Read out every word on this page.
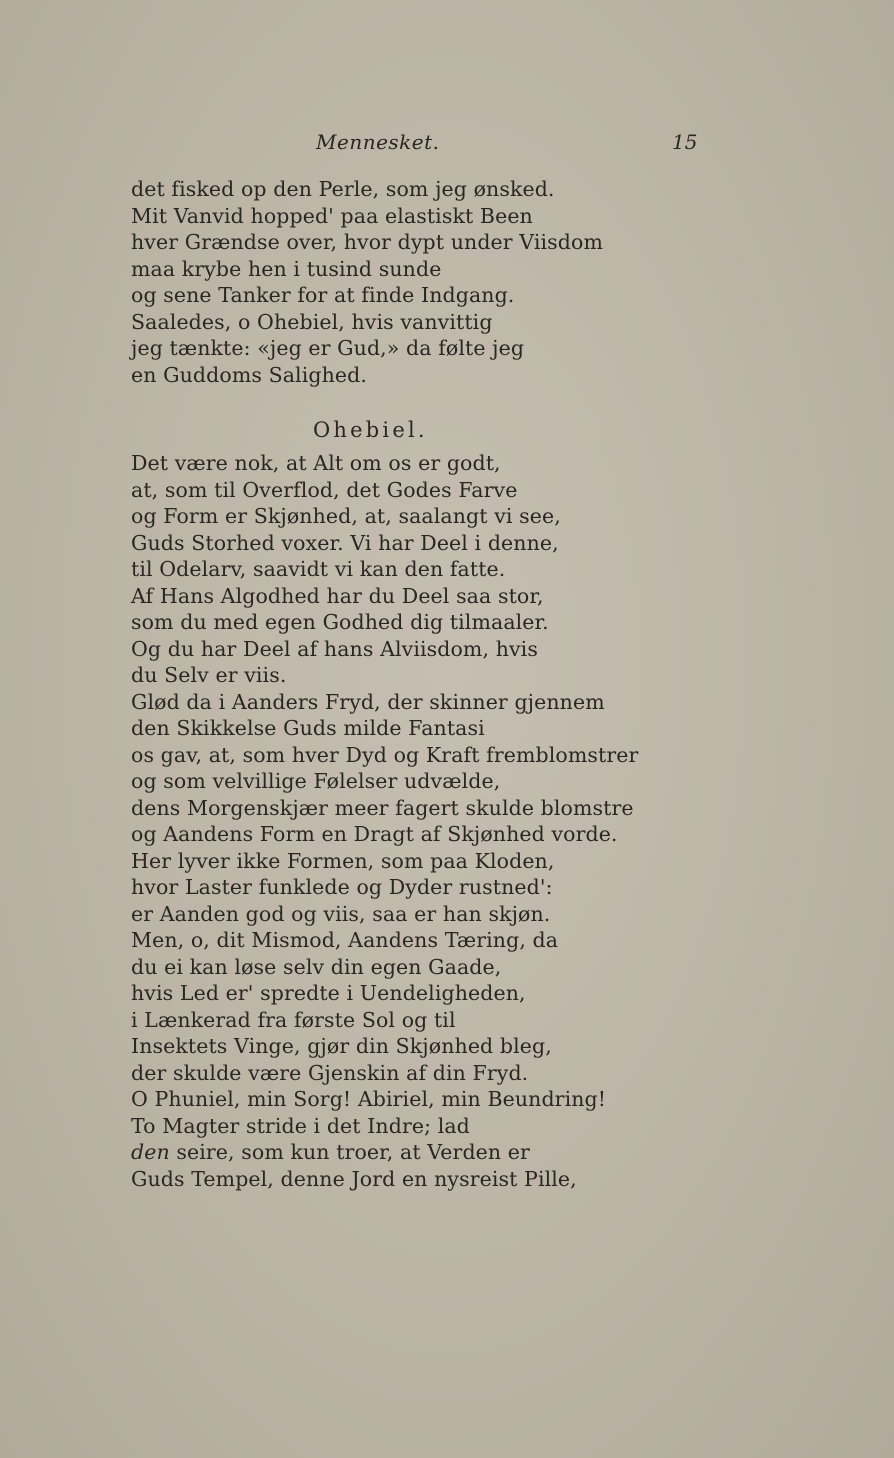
Mennesket.	15
det fisked op den Perle, som jeg ønsked.
Mit Vanvid hopped' paa elastiskt Been
hver Grændse over, hvor dypt under Viisdom
maa krybe hen i tusind sunde
og sene Tanker for at finde Indgang.
Saaledes, o Ohebiel, hvis vanvittig
jeg tænkte: «jeg er Gud,» da følte jeg
en Guddoms Salighed.
Ohebiel.
Det være nok, at Alt om os er godt,
at, som til Overflod, det Godes Farve
og Form er Skjønhed, at, saalangt vi see,
Guds Storhed voxer. Vi har Deel i denne,
til Odelarv, saavidt vi kan den fatte.
Af Hans Algodhed har du Deel saa stor,
som du med egen Godhed dig tilmaaler.
Og du har Deel af hans Alviisdom, hvis
du Selv er viis.
Glød da i Aanders Fryd, der skinner gjennem
den Skikkelse Guds milde Fantasi
os gav, at, som hver Dyd og Kraft fremblomstrer
og som velvillige Følelser udvælde,
dens Morgenskjær meer fagert skulde blomstre
og Aandens Form en Dragt af Skjønhed vorde.
Her lyver ikke Formen, som paa Kloden,
hvor Laster funklede og Dyder rustned':
er Aanden god og viis, saa er han skjøn.
Men, o, dit Mismod, Aandens Tæring, da
du ei kan løse selv din egen Gaade,
hvis Led er' spredte i Uendeligheden,
i Lænkerad fra første Sol og til
Insektets Vinge, gjør din Skjønhed bleg,
der skulde være Gjenskin af din Fryd.
O Phuniel, min Sorg! Abiriel, min Beundring!
To Magter stride i det Indre; lad
den seire, som kun troer, at Verden er
Guds Tempel, denne Jord en nysreist Pille,
